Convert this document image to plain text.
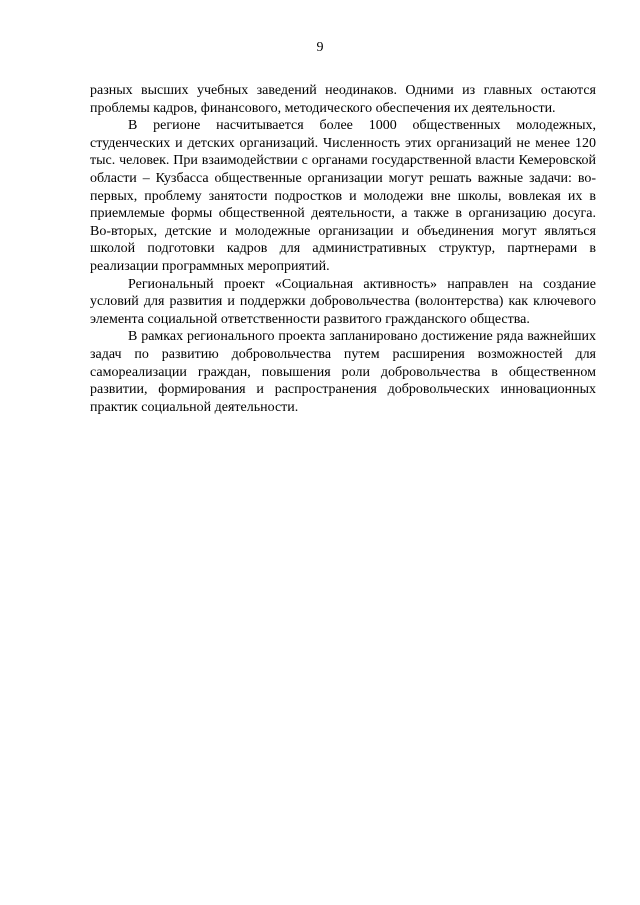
9

разных высших учебных заведений неодинаков. Одними из главных остаются проблемы кадров, финансового, методического обеспечения их деятельности.

В регионе насчитывается более 1000 общественных молодежных, студенческих и детских организаций. Численность этих организаций не менее 120 тыс. человек. При взаимодействии с органами государственной власти Кемеровской области – Кузбасса общественные организации могут решать важные задачи: во-первых, проблему занятости подростков и молодежи вне школы, вовлекая их в приемлемые формы общественной деятельности, а также в организацию досуга. Во-вторых, детские и молодежные организации и объединения могут являться школой подготовки кадров для административных структур, партнерами в реализации программных мероприятий.

Региональный проект «Социальная активность» направлен на создание условий для развития и поддержки добровольчества (волонтерства) как ключевого элемента социальной ответственности развитого гражданского общества.

В рамках регионального проекта запланировано достижение ряда важнейших задач по развитию добровольчества путем расширения возможностей для самореализации граждан, повышения роли добровольчества в общественном развитии, формирования и распространения добровольческих инновационных практик социальной деятельности.
